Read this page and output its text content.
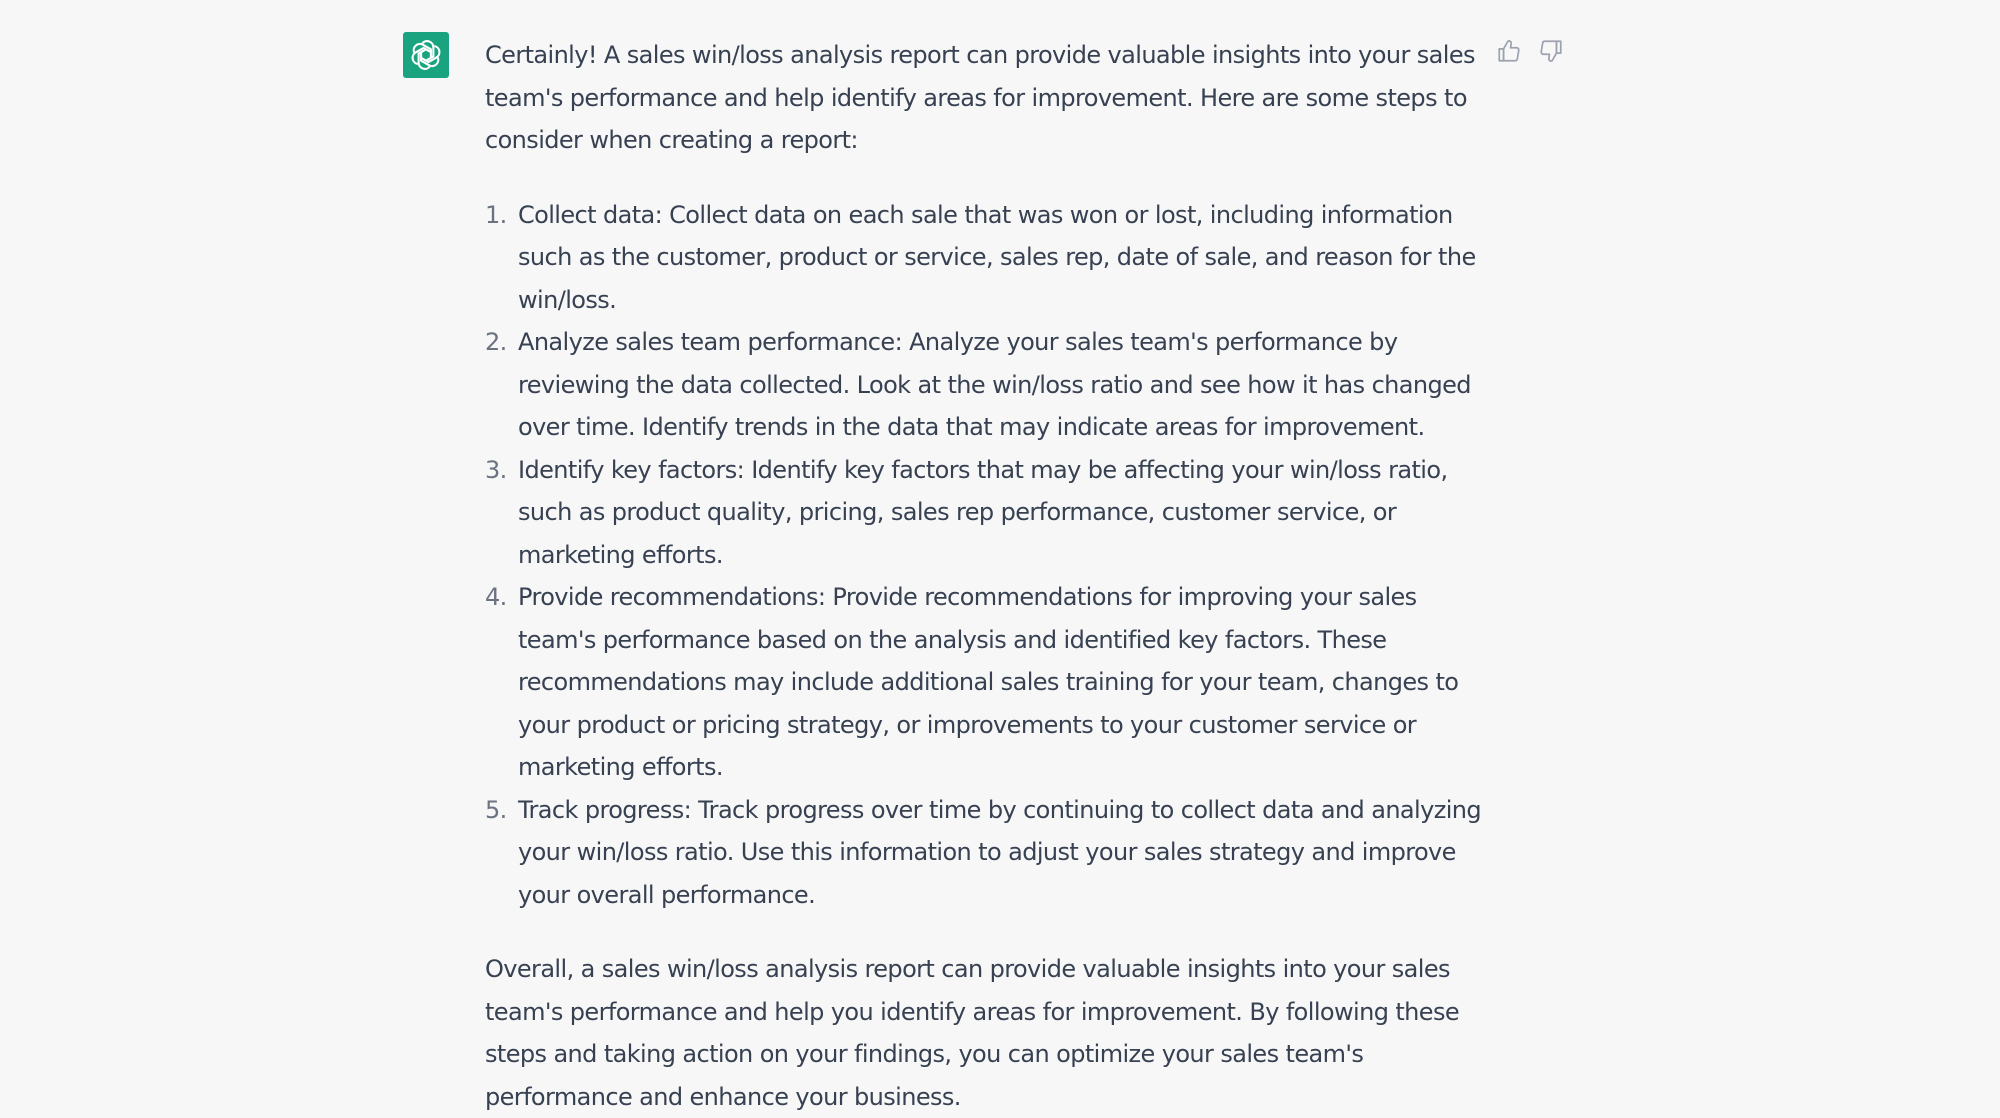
Certainly! A sales win/loss analysis report can provide valuable insights into your sales team's performance and help identify areas for improvement. Here are some steps to consider when creating a report:

1. Collect data: Collect data on each sale that was won or lost, including information such as the customer, product or service, sales rep, date of sale, and reason for the win/loss.
2. Analyze sales team performance: Analyze your sales team's performance by reviewing the data collected. Look at the win/loss ratio and see how it has changed over time. Identify trends in the data that may indicate areas for improvement.
3. Identify key factors: Identify key factors that may be affecting your win/loss ratio, such as product quality, pricing, sales rep performance, customer service, or marketing efforts.
4. Provide recommendations: Provide recommendations for improving your sales team's performance based on the analysis and identified key factors. These recommendations may include additional sales training for your team, changes to your product or pricing strategy, or improvements to your customer service or marketing efforts.
5. Track progress: Track progress over time by continuing to collect data and analyzing your win/loss ratio. Use this information to adjust your sales strategy and improve your overall performance.

Overall, a sales win/loss analysis report can provide valuable insights into your sales team's performance and help you identify areas for improvement. By following these steps and taking action on your findings, you can optimize your sales team's performance and enhance your business.
